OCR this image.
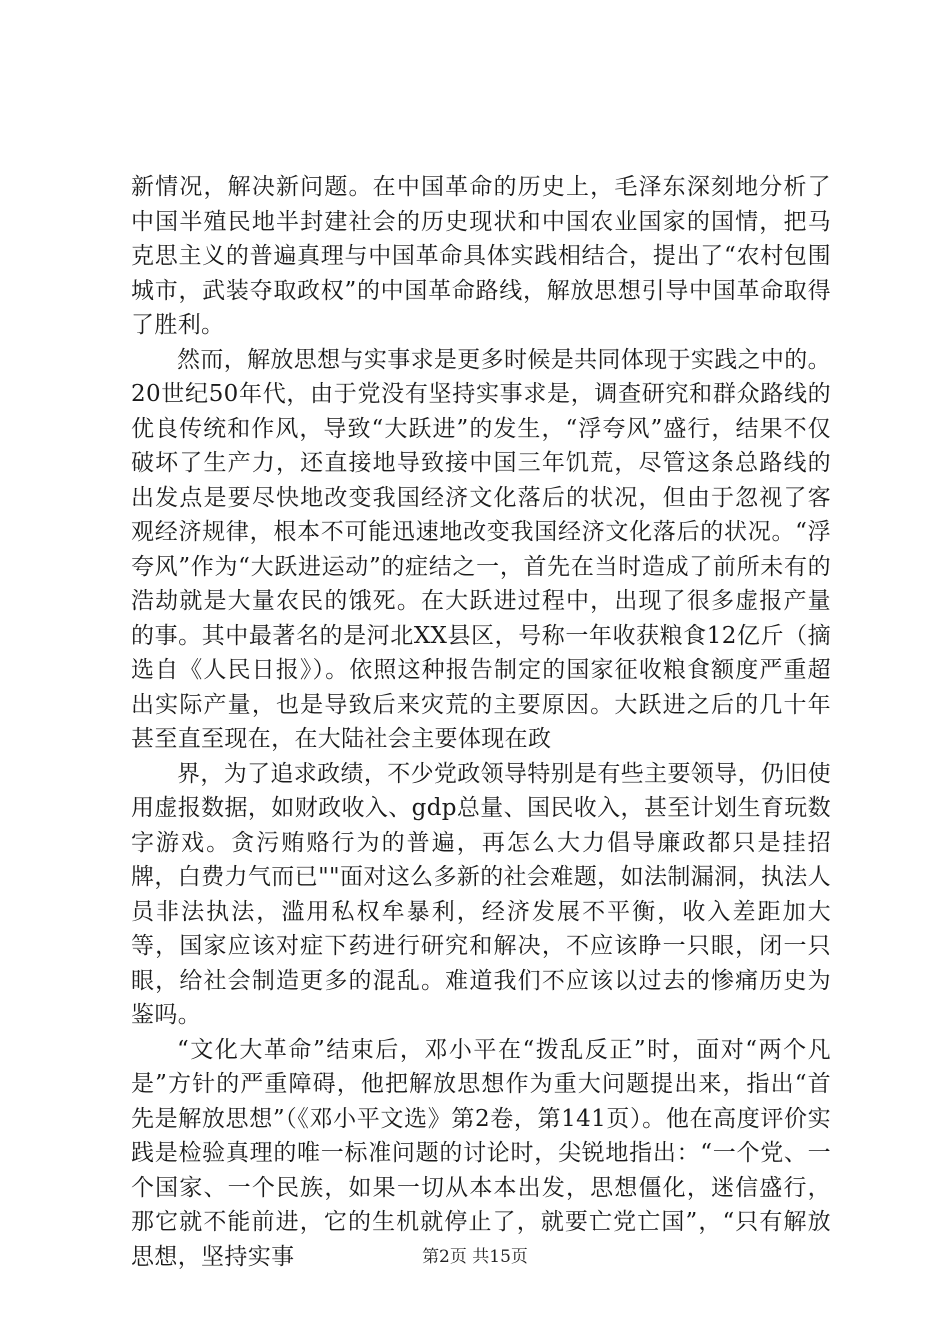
新情况，解决新问题。在中国革命的历史上，毛泽东深刻地分析了中国半殖民地半封建社会的历史现状和中国农业国家的国情，把马克思主义的普遍真理与中国革命具体实践相结合，提出了“农村包围城市，武装夺取政权”的中国革命路线，解放思想引导中国革命取得了胜利。

然而，解放思想与实事求是更多时候是共同体现于实践之中的。20世纪50年代，由于党没有坚持实事求是，调查研究和群众路线的优良传统和作风，导致“大跃进”的发生，“浮夸风”盛行，结果不仅破坏了生产力，还直接地导致接中国三年饥荒，尽管这条总路线的出发点是要尽快地改变我国经济文化落后的状况，但由于忽视了客观经济规律，根本不可能迅速地改变我国经济文化落后的状况。“浮夸风”作为“大跃进运动”的症结之一，首先在当时造成了前所未有的浩劫就是大量农民的饿死。在大跃进过程中，出现了很多虚报产量的事。其中最著名的是河北XX县区，号称一年收获粮食12亿斤（摘选自《人民日报》）。依照这种报告制定的国家征收粮食额度严重超出实际产量，也是导致后来灾荒的主要原因。大跃进之后的几十年甚至直至现在，在大陆社会主要体现在政

界，为了追求政绩，不少党政领导特别是有些主要领导，仍旧使用虚报数据，如财政收入、gdp总量、国民收入，甚至计划生育玩数字游戏。贪污贿赂行为的普遍，再怎么大力倡导廉政都只是挂招牌，白费力气而已""面对这么多新的社会难题，如法制漏洞，执法人员非法执法，滥用私权牟暴利，经济发展不平衡，收入差距加大等，国家应该对症下药进行研究和解决，不应该睁一只眼，闭一只眼，给社会制造更多的混乱。难道我们不应该以过去的惨痛历史为鉴吗。

“文化大革命”结束后，邓小平在“拨乱反正”时，面对“两个凡是”方针的严重障碍，他把解放思想作为重大问题提出来，指出“首先是解放思想”（《邓小平文选》第2卷，第141页）。他在高度评价实践是检验真理的唯一标准问题的讨论时，尖锐地指出：“一个党、一个国家、一个民族，如果一切从本本出发，思想僵化，迷信盛行，那它就不能前进，它的生机就停止了，就要亡党亡国”，“只有解放思想，坚持实事	第2页 共15页
